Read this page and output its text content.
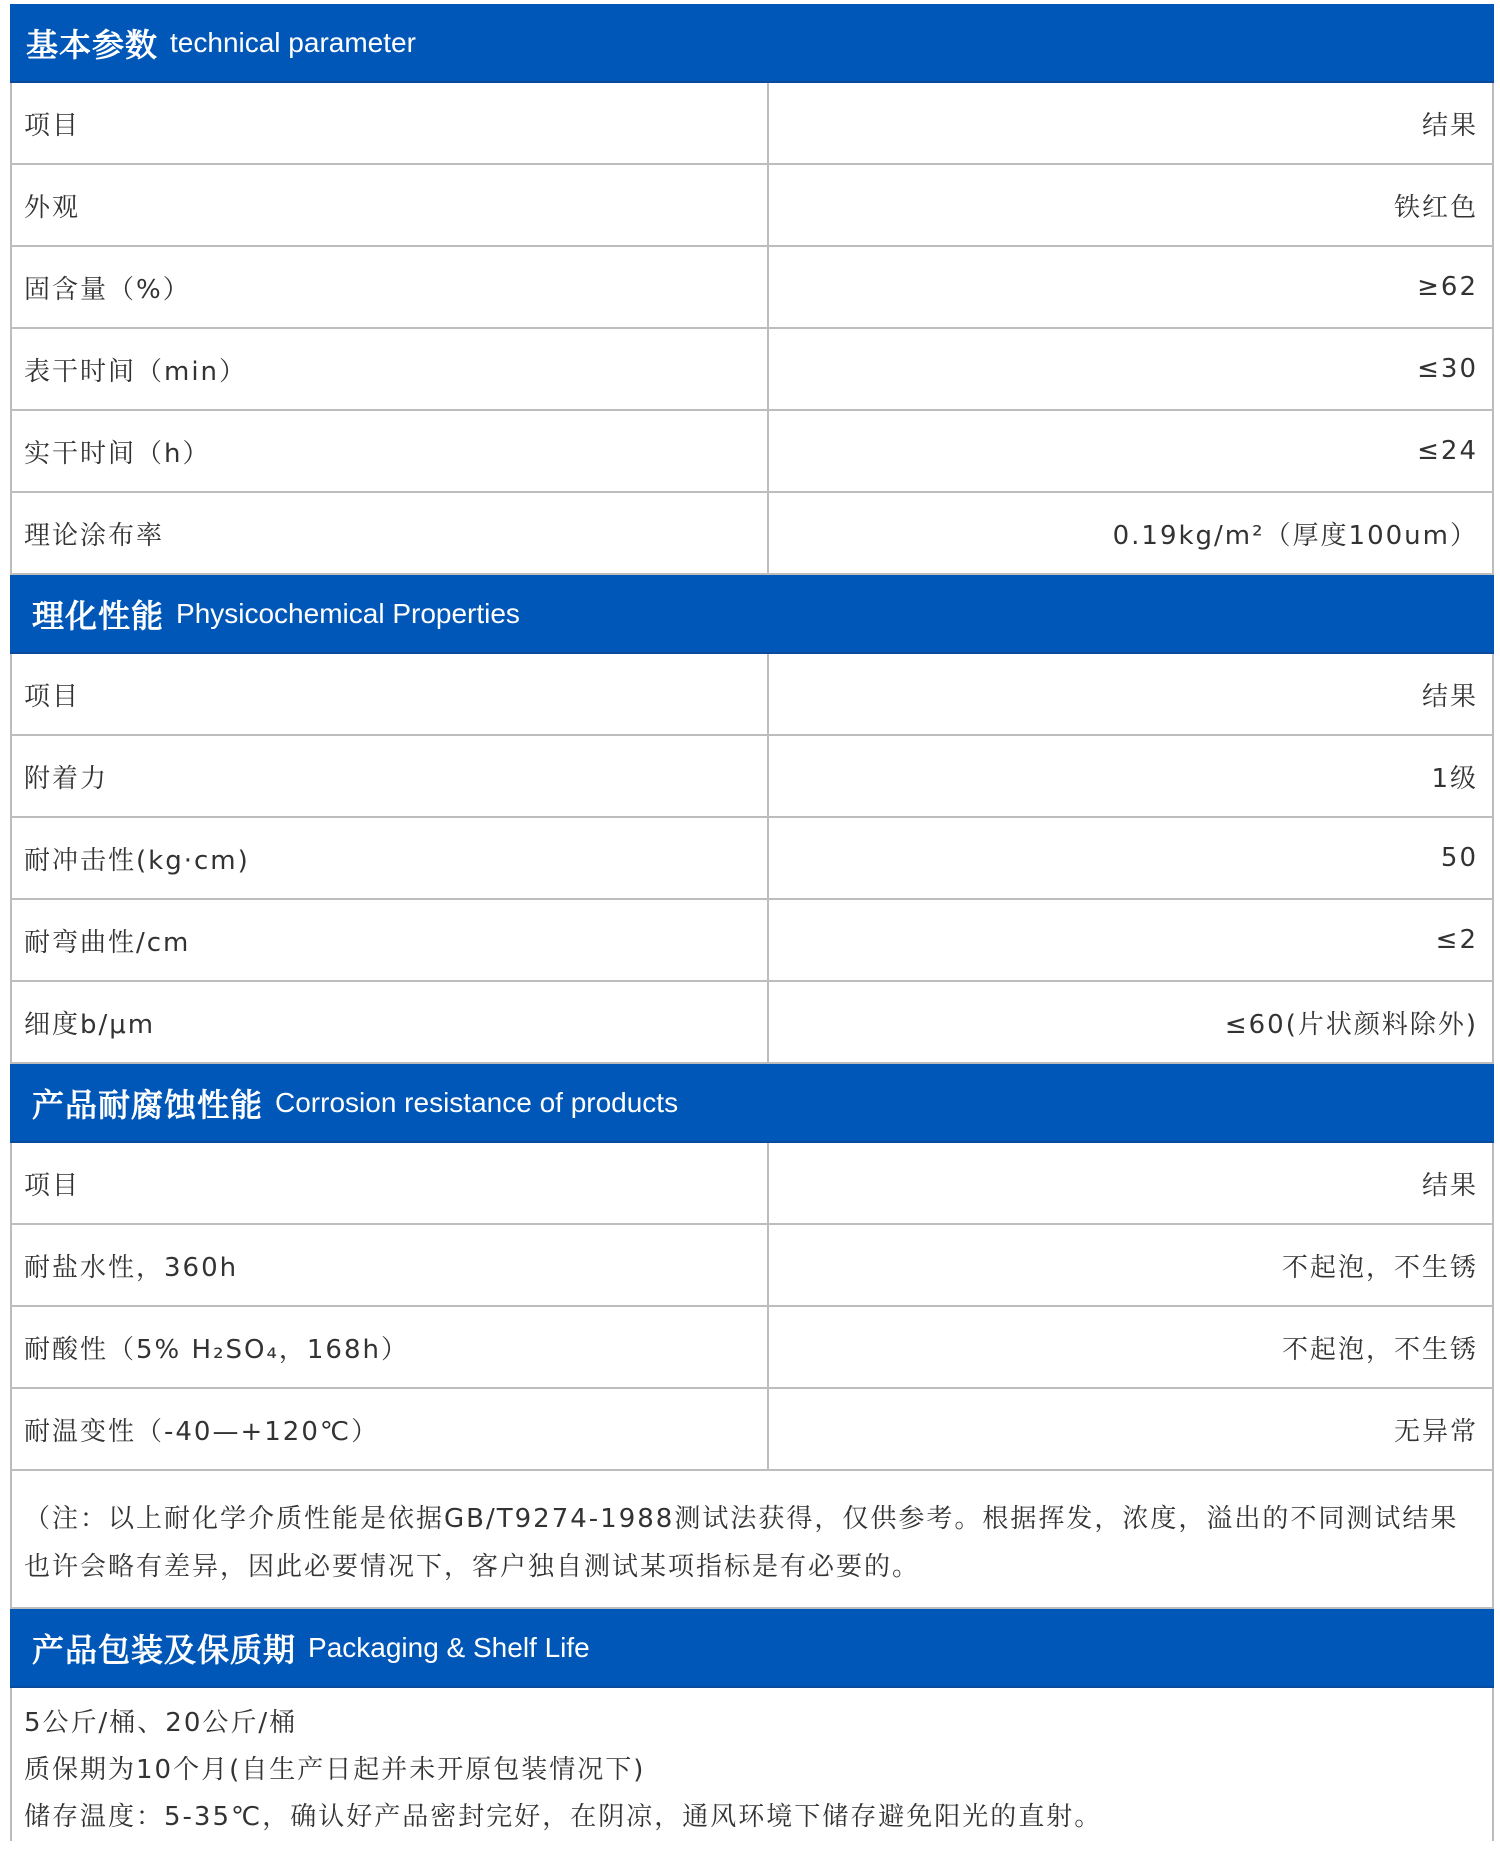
基本参数 technical parameter
项目	结果
外观	铁红色
固含量（%）	≥62
表干时间（min）	≤30
实干时间（h）	≤24
理论涂布率	0.19kg/m²（厚度100um）
理化性能 Physicochemical Properties
项目	结果
附着力	1级
耐冲击性(kg·cm)	50
耐弯曲性/cm	≤2
细度b/μm	≤60(片状颜料除外)
产品耐腐蚀性能 Corrosion resistance of products
项目	结果
耐盐水性，360h	不起泡，不生锈
耐酸性（5% H₂SO₄，168h）	不起泡，不生锈
耐温变性（-40—+120℃）	无异常
（注：以上耐化学介质性能是依据GB/T9274-1988测试法获得，仅供参考。根据挥发，浓度，溢出的不同测试结果也许会略有差异，因此必要情况下，客户独自测试某项指标是有必要的。
产品包装及保质期 Packaging & Shelf Life
5公斤/桶、20公斤/桶
质保期为10个月(自生产日起并未开原包装情况下)
储存温度：5-35℃，确认好产品密封完好，在阴凉，通风环境下储存避免阳光的直射。
